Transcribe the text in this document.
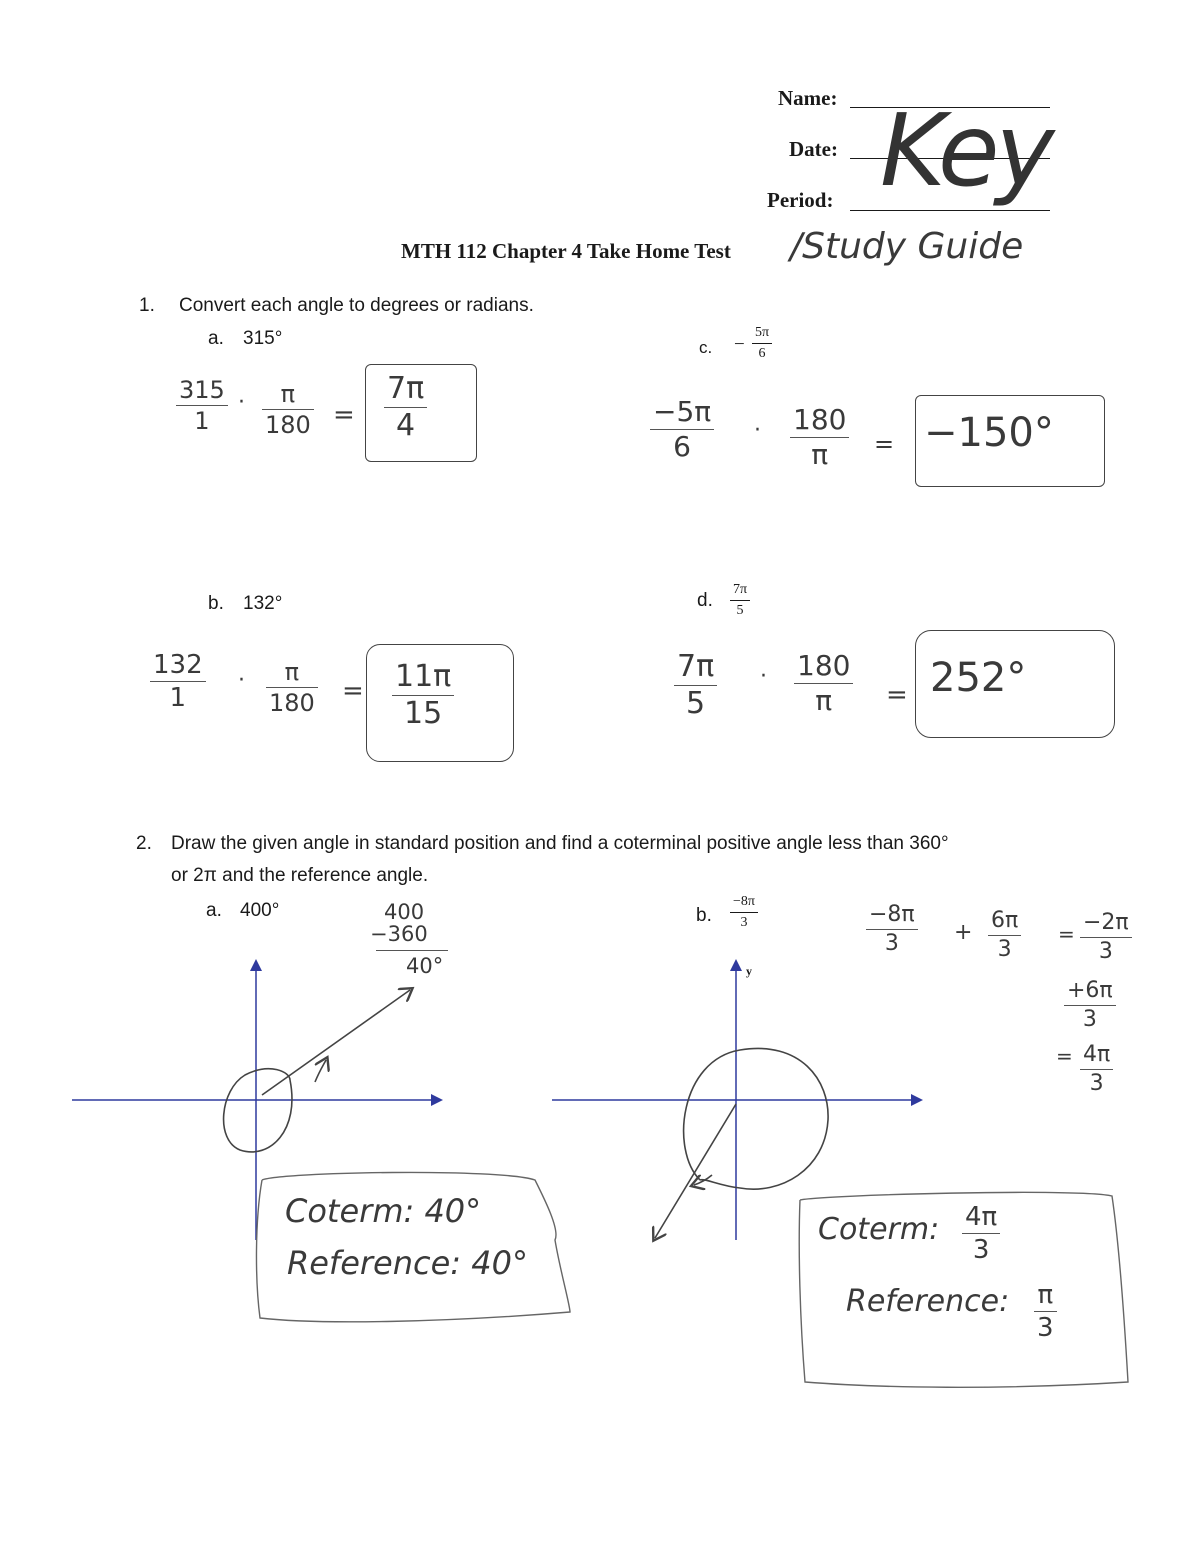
Name:
Date:
Period: Key
MTH 112 Chapter 4 Take Home Test /Study Guide
1. Convert each angle to degrees or radians.
a. 315°
315
1
· π
180 =
7π
4
c. −
5π
6
−5π
6	· 180
π = −150°
b. 132°
132
1
· π
180 = 11π
15
d.
7π
5
7π
5
· 180
π = 252°
2. Draw the given angle in standard position and find a coterminal positive angle less than 360°
or 2π and the reference angle.
a. 400°	400
−360
40°
b.
−8π
3	−8π
3	+ 6π
3
= −2π
3
+6π
3
= 4π
3
y
Coterm: 40°
Reference: 40°
Coterm: 4π
3
Reference: π
3
